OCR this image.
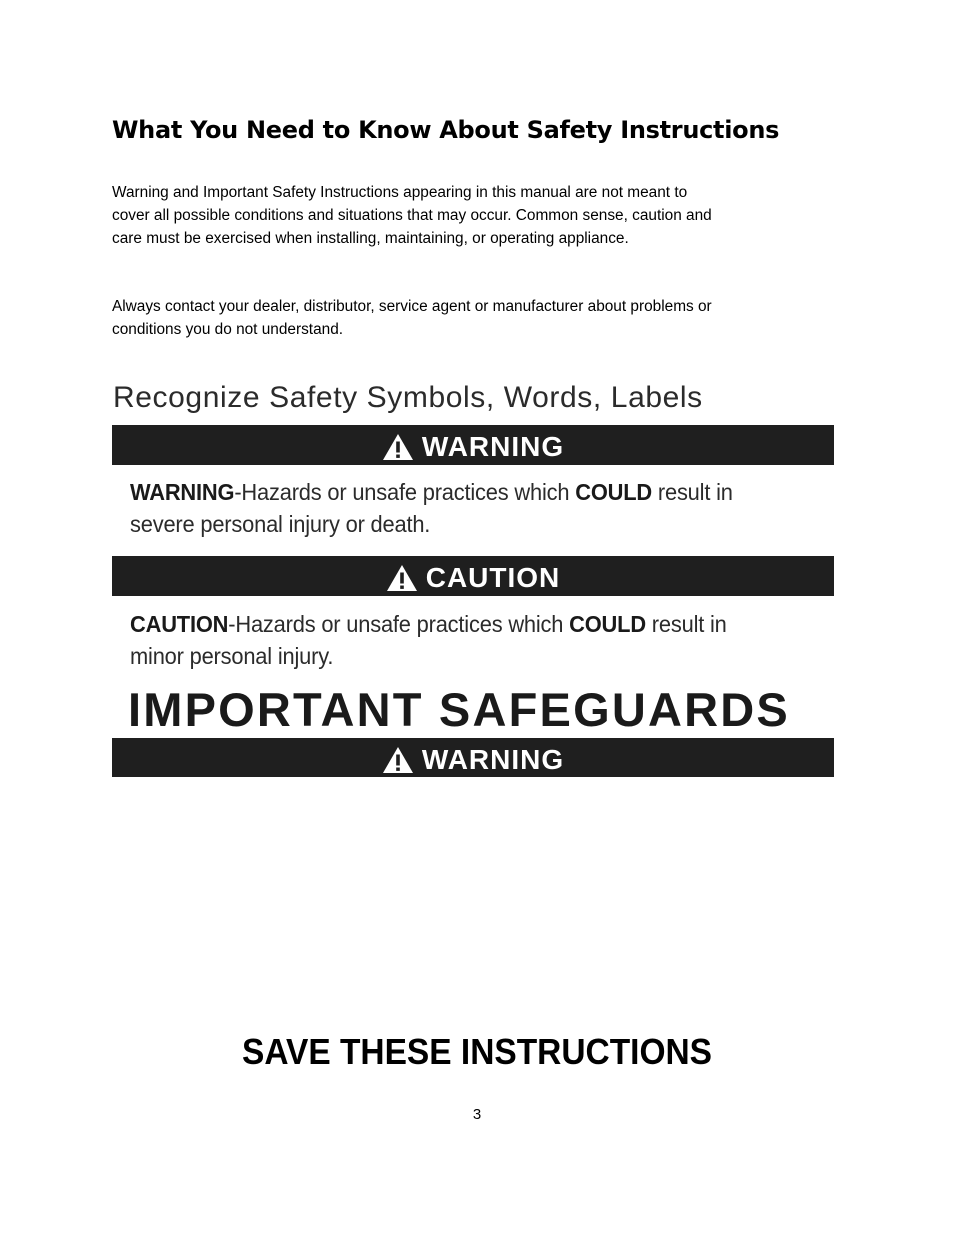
What You Need to Know About Safety Instructions

Warning and Important Safety Instructions appearing in this manual are not meant to cover all possible conditions and situations that may occur. Common sense, caution and care must be exercised when installing, maintaining, or operating appliance.

Always contact your dealer, distributor, service agent or manufacturer about problems or conditions you do not understand.

Recognize Safety Symbols, Words, Labels

WARNING

WARNING-Hazards or unsafe practices which COULD result in severe personal injury or death.

CAUTION

CAUTION-Hazards or unsafe practices which COULD result in minor personal injury.

IMPORTANT SAFEGUARDS

WARNING

SAVE THESE INSTRUCTIONS

3
